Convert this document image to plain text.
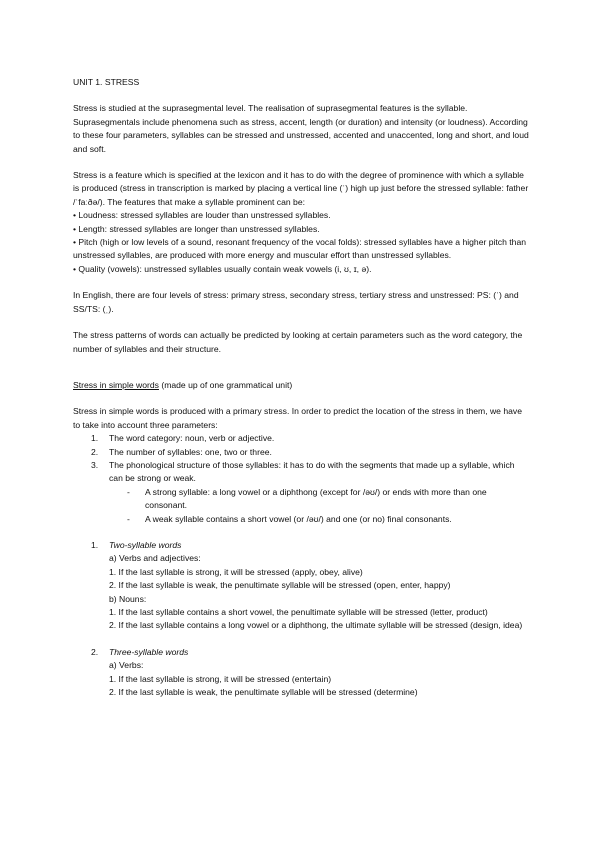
UNIT 1. STRESS

Stress is studied at the suprasegmental level. The realisation of suprasegmental features is the syllable. Suprasegmentals include phenomena such as stress, accent, length (or duration) and intensity (or loudness). According to these four parameters, syllables can be stressed and unstressed, accented and unaccented, long and short, and loud and soft.

Stress is a feature which is specified at the lexicon and it has to do with the degree of prominence with which a syllable is produced (stress in transcription is marked by placing a vertical line (ˈ) high up just before the stressed syllable: father /ˈfaːðə/). The features that make a syllable prominent can be:

• Loudness: stressed syllables are louder than unstressed syllables.

• Length: stressed syllables are longer than unstressed syllables.

• Pitch (high or low levels of a sound, resonant frequency of the vocal folds): stressed syllables have a higher pitch than unstressed syllables, are produced with more energy and muscular effort than unstressed syllables.

• Quality (vowels): unstressed syllables usually contain weak vowels (i, ʊ, ɪ, ə).

In English, there are four levels of stress: primary stress, secondary stress, tertiary stress and unstressed: PS: (ˈ) and SS/TS: (ˌ).

The stress patterns of words can actually be predicted by looking at certain parameters such as the word category, the number of syllables and their structure.

Stress in simple words (made up of one grammatical unit)

Stress in simple words is produced with a primary stress. In order to predict the location of the stress in them, we have to take into account three parameters:

1. The word category: noun, verb or adjective.
2. The number of syllables: one, two or three.
3. The phonological structure of those syllables: it has to do with the segments that made up a syllable, which can be strong or weak.
- A strong syllable: a long vowel or a diphthong (except for /əʊ/) or ends with more than one consonant.
- A weak syllable contains a short vowel (or /əʊ/) and one (or no) final consonants.

1. Two-syllable words

a) Verbs and adjectives:

1. If the last syllable is strong, it will be stressed (apply, obey, alive)

2. If the last syllable is weak, the penultimate syllable will be stressed (open, enter, happy)

b) Nouns:

1. If the last syllable contains a short vowel, the penultimate syllable will be stressed (letter, product)

2. If the last syllable contains a long vowel or a diphthong, the ultimate syllable will be stressed (design, idea)

2. Three-syllable words

a) Verbs:

1. If the last syllable is strong, it will be stressed (entertain)

2. If the last syllable is weak, the penultimate syllable will be stressed (determine)
